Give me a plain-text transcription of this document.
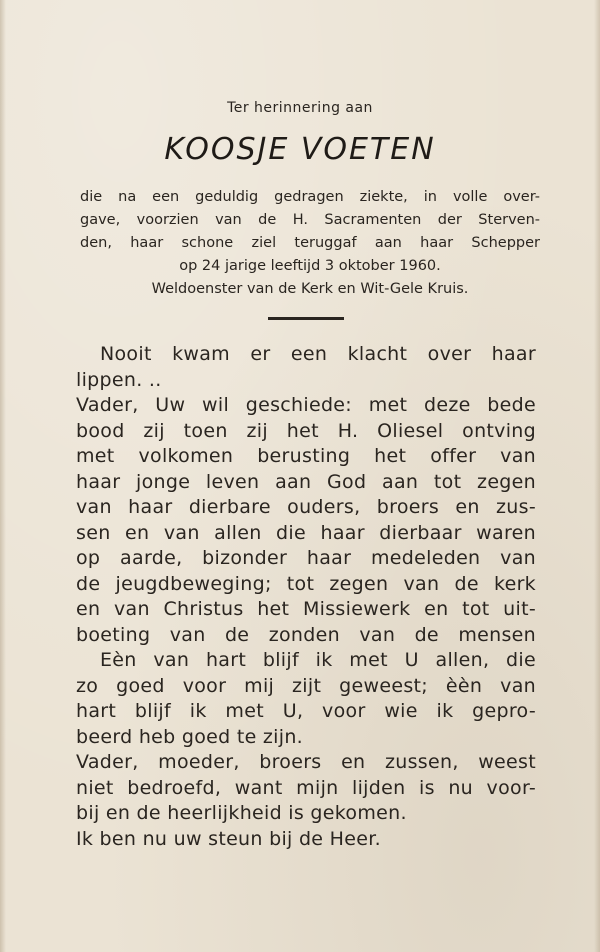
Ter herinnering aan
KOOSJE VOETEN
die na een geduldig gedragen ziekte, in volle over-
gave, voorzien van de H. Sacramenten der Sterven-
den, haar schone ziel teruggaf aan haar Schepper
op 24 jarige leeftijd 3 oktober 1960.
Weldoenster van de Kerk en Wit-Gele Kruis.
Nooit kwam er een klacht over haar
lippen. ..
Vader, Uw wil geschiede: met deze bede
bood zij toen zij het H. Oliesel ontving
met volkomen berusting het offer van
haar jonge leven aan God aan tot zegen
van haar dierbare ouders, broers en zus-
sen en van allen die haar dierbaar waren
op aarde, bizonder haar medeleden van
de jeugdbeweging; tot zegen van de kerk
en van Christus het Missiewerk en tot uit-
boeting van de zonden van de mensen
Eèn van hart blijf ik met U allen, die
zo goed voor mij zijt geweest; èèn van
hart blijf ik met U, voor wie ik gepro-
beerd heb goed te zijn.
Vader, moeder, broers en zussen, weest
niet bedroefd, want mijn lijden is nu voor-
bij en de heerlijkheid is gekomen.
Ik ben nu uw steun bij de Heer.
